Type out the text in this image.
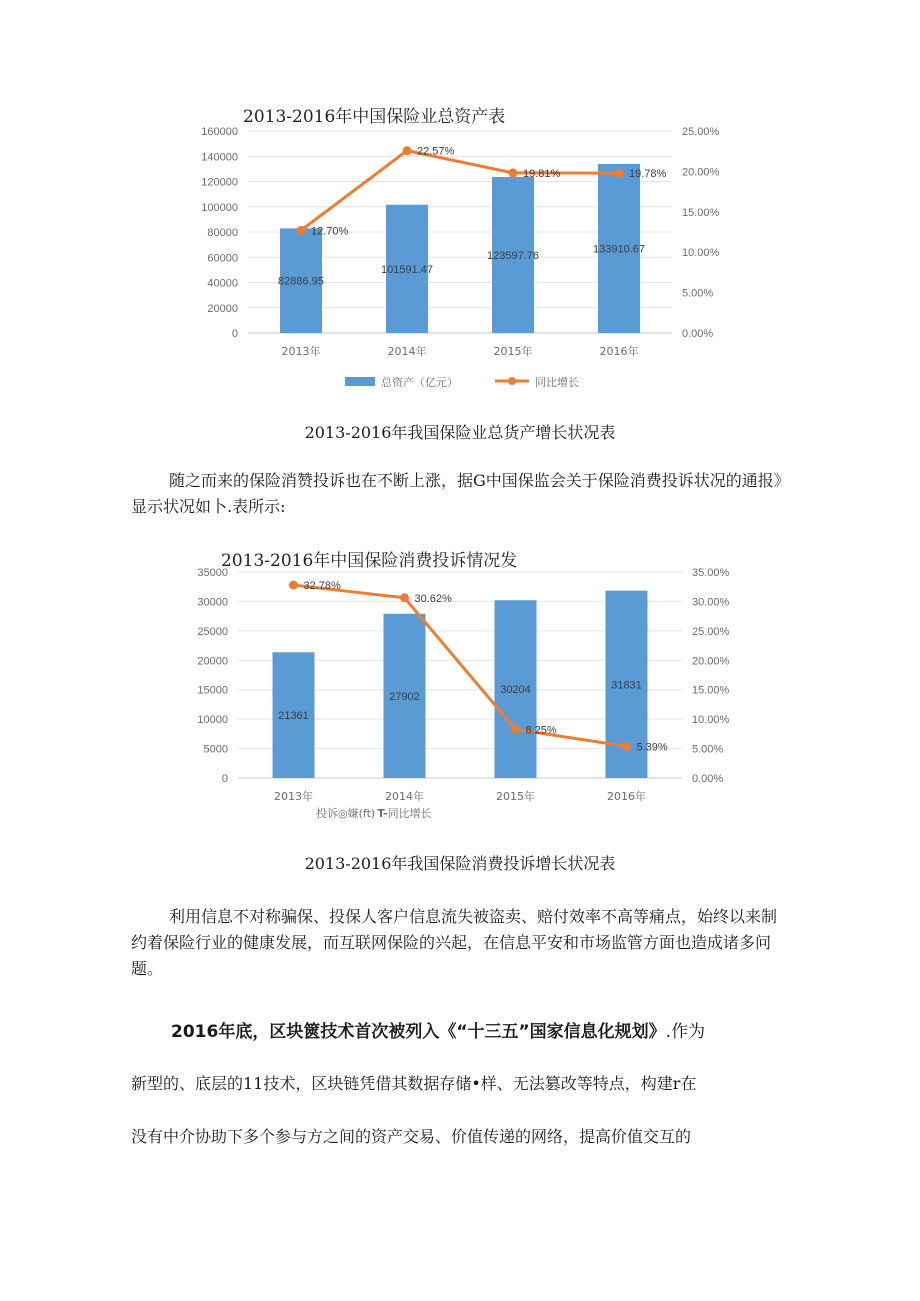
2013-2016年中国保险业总资产表
0
20000
40000
60000
80000
100000
120000
140000
160000
0.00%
5.00%
10.00%
15.00%
20.00%
25.00%
82886.95
101591.47
123597.76
133910.67
2013年	2014年	2015年	2016年
12.70%
22.57%
19.81%	19.78%
总资产（亿元）	同比增长
2013-2016年我国保险业总货产增长状况表

随之而来的保险消赞投诉也在不断上涨，据G中国保监会关于保险消费投诉状况的通报》显示状况如卜.表所示:

2013-2016年中国保险消费投诉情况发
0
5000
10000
15000
20000
25000
30000
35000
0.00%
5.00%
10.00%
15.00%
20.00%
25.00%
30.00%
35.00%
21361
27902
30204	31831
2013年	2014年	2015年	2016年
32.78%
30.62%
8.25%
5.39%
投诉◎嫌(ft) T- 同比增长
2013-2016年我国保险消费投诉增长状况表

利用信息不对称骗保、投保人客户信息流失被盗卖、赔付效率不高等痛点，始终以来制约着保险行业的健康发展，而互联网保险的兴起，在信息平安和市场监管方面也造成诸多问题。

2016年底，区块篋技术首次被列入《“十三五”国家信息化规划》.作为
新型的、底层的11技术，区块链凭借其数据存储•样、无法篡改等特点，构建r在
没有中介协助下多个参与方之间的资产交易、价值传递的网络，提高价值交互的
